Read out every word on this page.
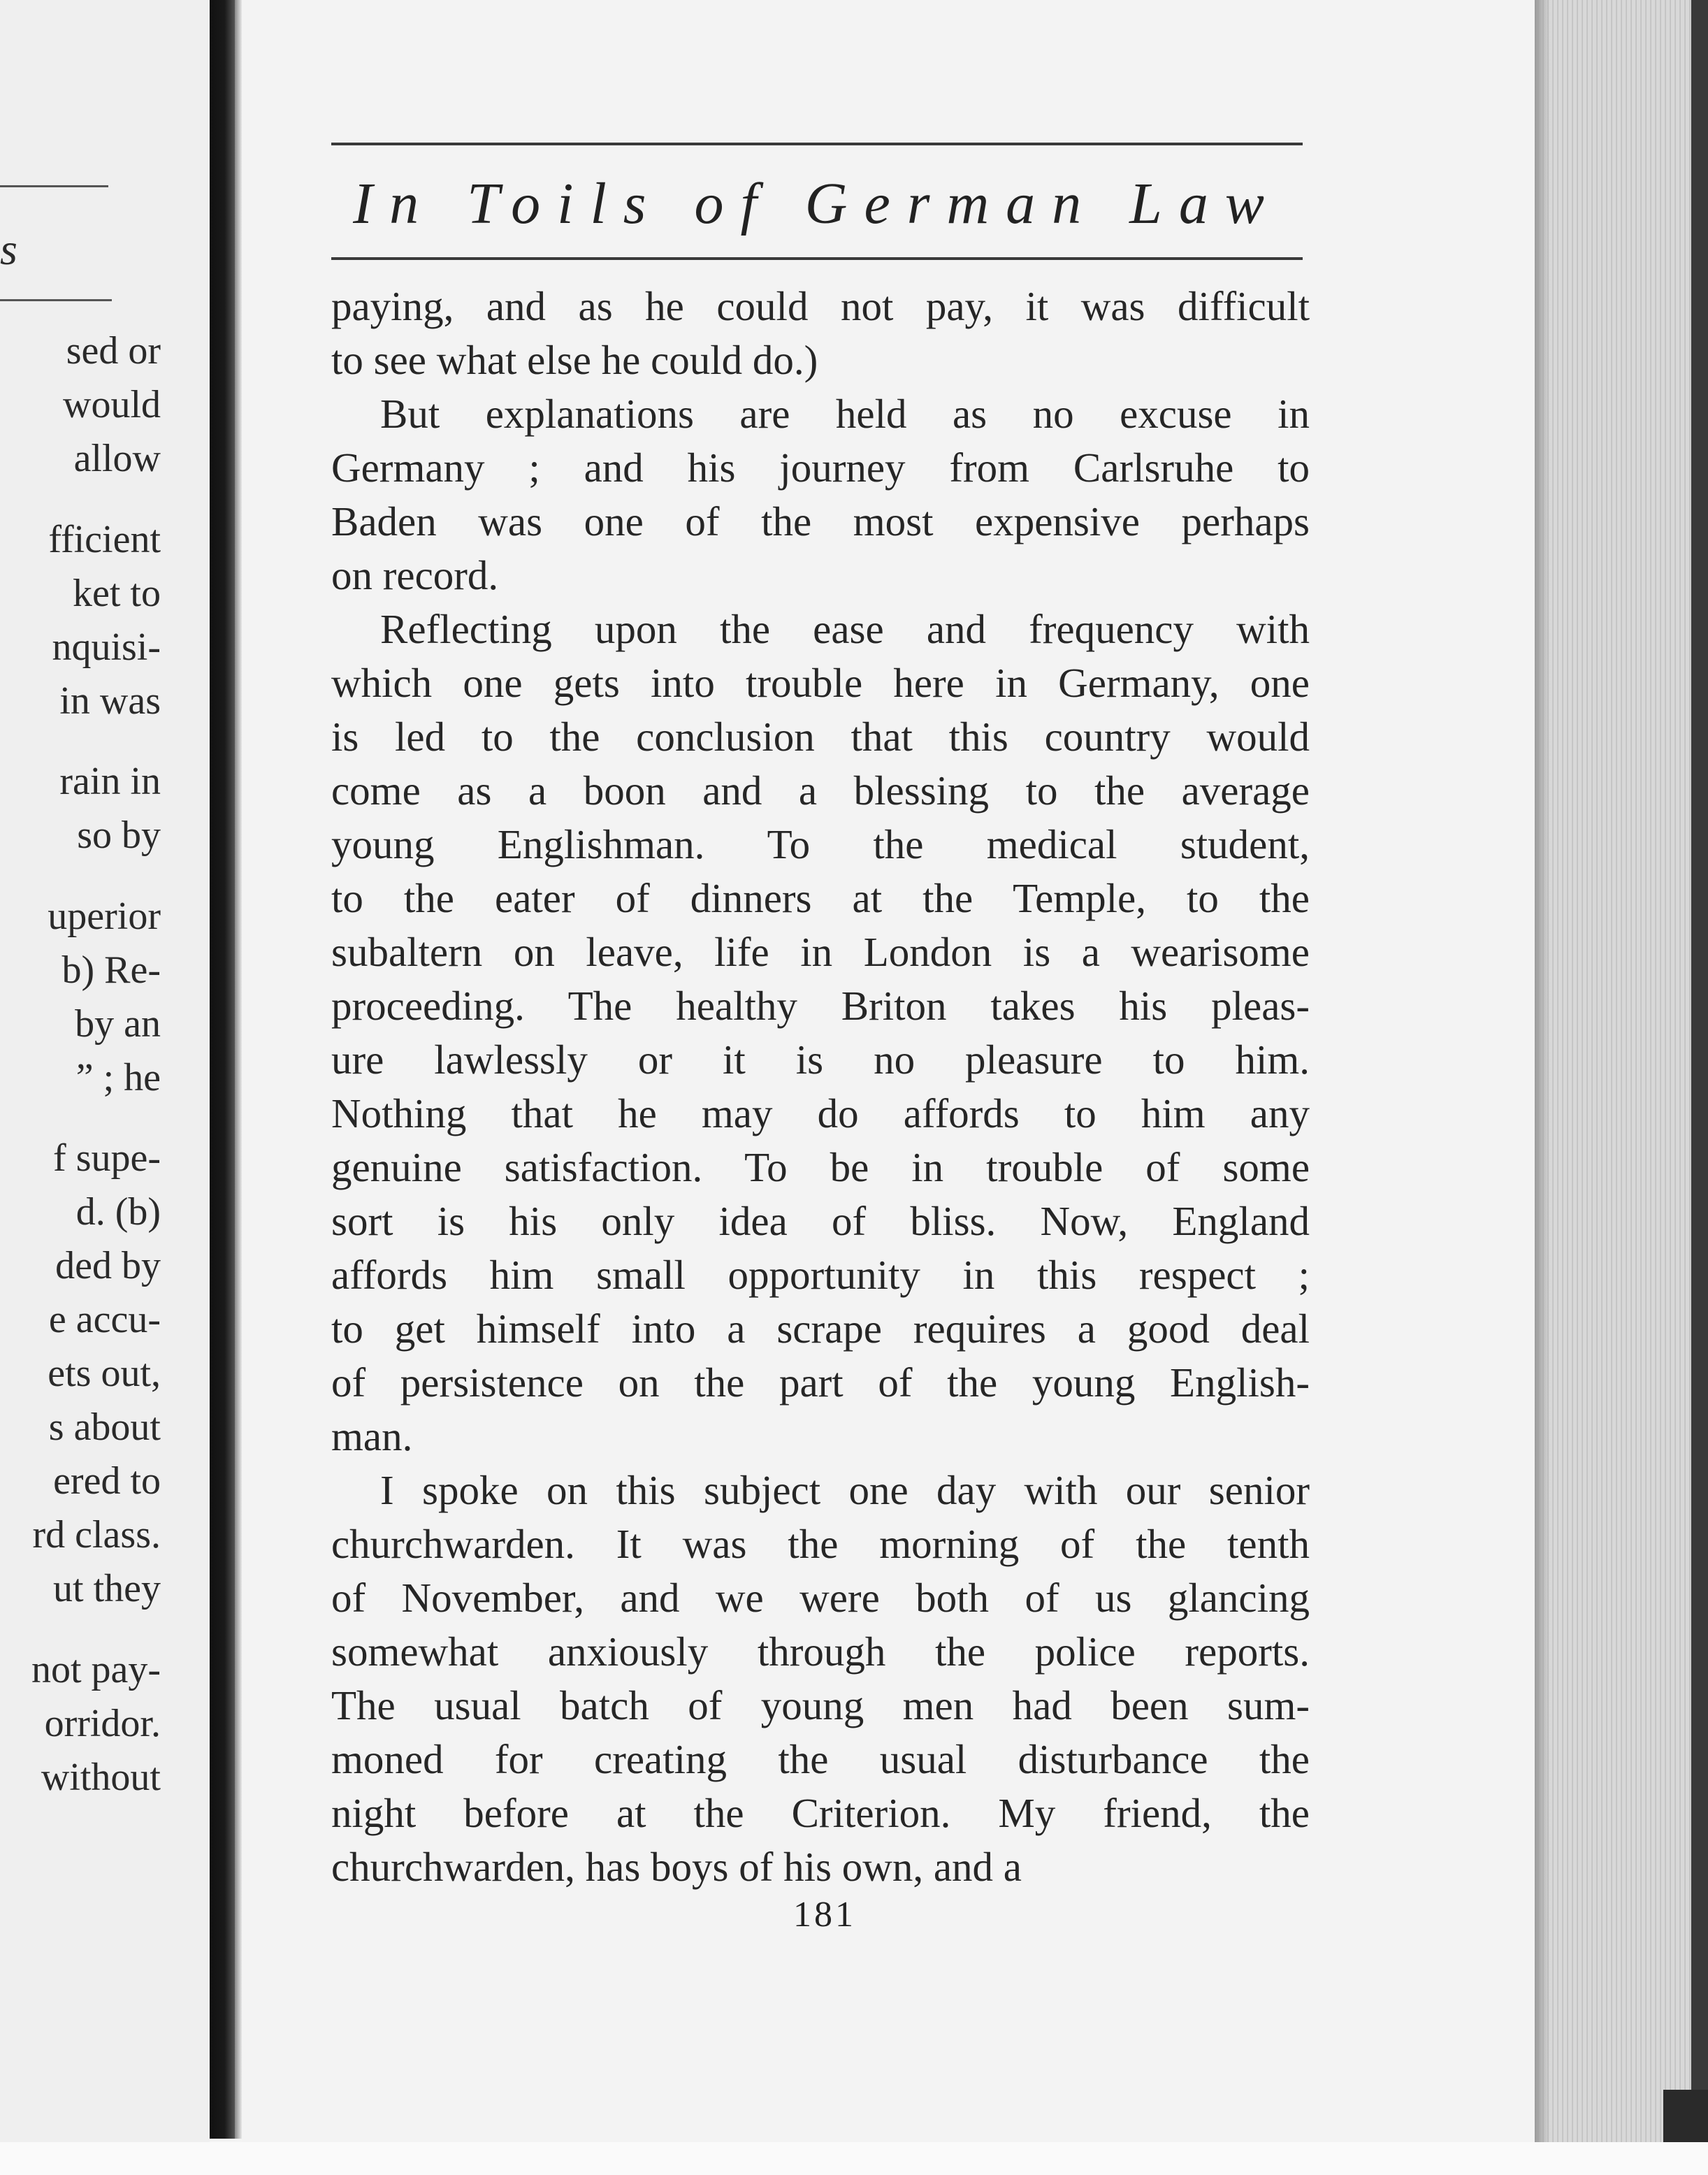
s
sed or
would
allow
fficient
ket to
nquisi-
in was
rain in
so by
uperior
b) Re-
by an
” ; he
f supe-
d. (b)
ded by
e accu-
ets out,
s about
ered to
rd class.
ut they
not pay-
orridor.
without
In Toils of German Law
paying, and as he could not pay, it was difficult
to see what else he could do.)
But explanations are held as no excuse in
Germany ; and his journey from Carlsruhe to
Baden was one of the most expensive perhaps
on record.
Reflecting upon the ease and frequency with
which one gets into trouble here in Germany, one
is led to the conclusion that this country would
come as a boon and a blessing to the average
young Englishman. To the medical student,
to the eater of dinners at the Temple, to the
subaltern on leave, life in London is a wearisome
proceeding. The healthy Briton takes his pleas-
ure lawlessly or it is no pleasure to him.
Nothing that he may do affords to him any
genuine satisfaction. To be in trouble of some
sort is his only idea of bliss. Now, England
affords him small opportunity in this respect ;
to get himself into a scrape requires a good deal
of persistence on the part of the young English-
man.
I spoke on this subject one day with our senior
churchwarden. It was the morning of the tenth
of November, and we were both of us glancing
somewhat anxiously through the police reports.
The usual batch of young men had been sum-
moned for creating the usual disturbance the
night before at the Criterion. My friend, the
churchwarden, has boys of his own, and a
181
